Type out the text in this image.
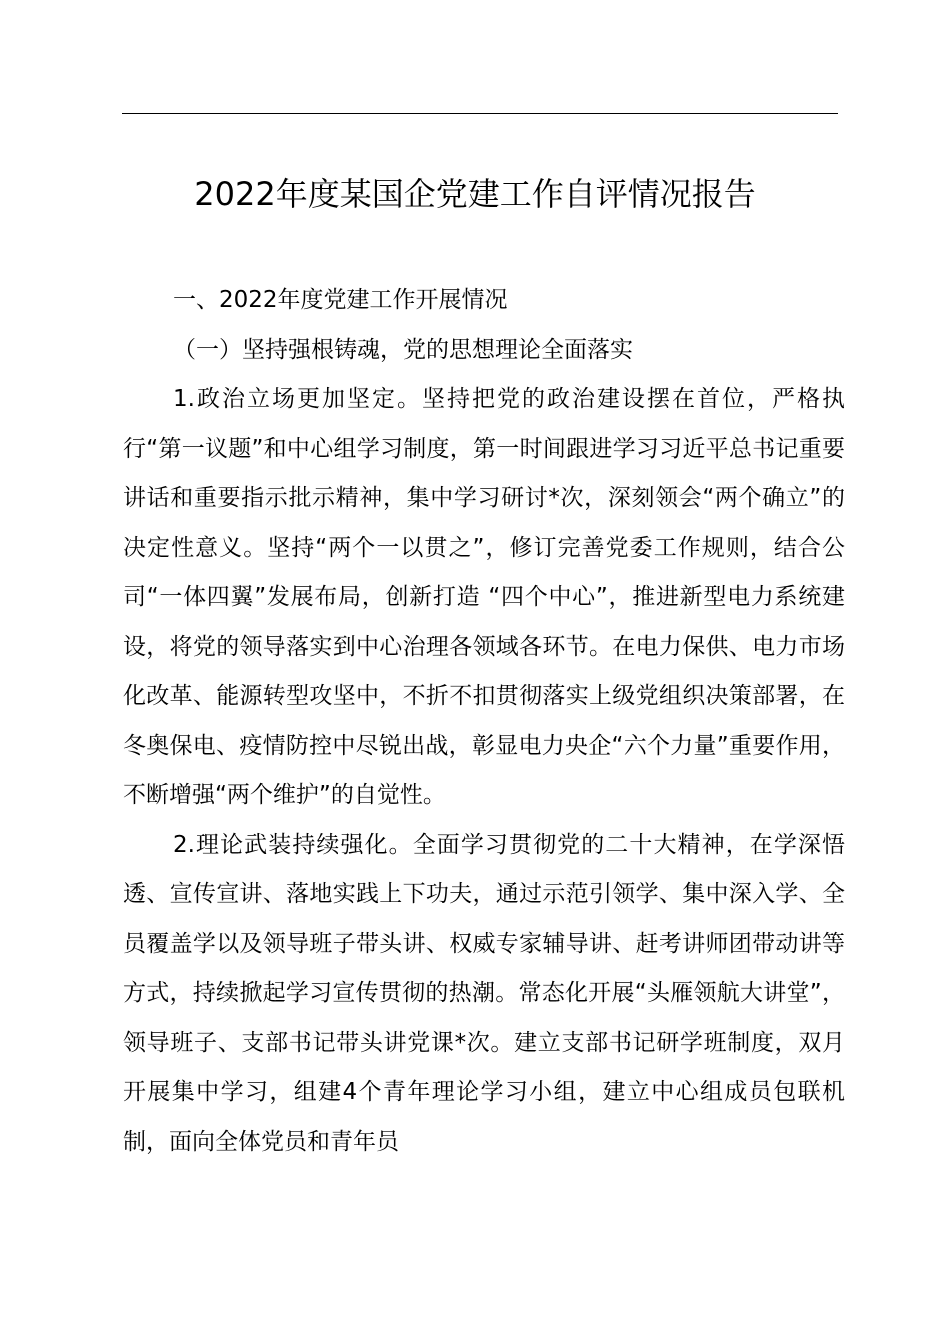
2022年度某国企党建工作自评情况报告

一、2022年度党建工作开展情况

（一）坚持强根铸魂，党的思想理论全面落实

1.政治立场更加坚定。坚持把党的政治建设摆在首位，严格执行“第一议题”和中心组学习制度，第一时间跟进学习习近平总书记重要讲话和重要指示批示精神，集中学习研讨*次，深刻领会“两个确立”的决定性意义。坚持“两个一以贯之”，修订完善党委工作规则，结合公司“一体四翼”发展布局，创新打造 “四个中心”，推进新型电力系统建设，将党的领导落实到中心治理各领域各环节。在电力保供、电力市场化改革、能源转型攻坚中，不折不扣贯彻落实上级党组织决策部署，在冬奥保电、疫情防控中尽锐出战，彰显电力央企“六个力量”重要作用，不断增强“两个维护”的自觉性。

2.理论武装持续强化。全面学习贯彻党的二十大精神，在学深悟透、宣传宣讲、落地实践上下功夫，通过示范引领学、集中深入学、全员覆盖学以及领导班子带头讲、权威专家辅导讲、赶考讲师团带动讲等方式，持续掀起学习宣传贯彻的热潮。常态化开展“头雁领航大讲堂”，领导班子、支部书记带头讲党课*次。建立支部书记研学班制度，双月开展集中学习，组建4个青年理论学习小组，建立中心组成员包联机制，面向全体党员和青年员
